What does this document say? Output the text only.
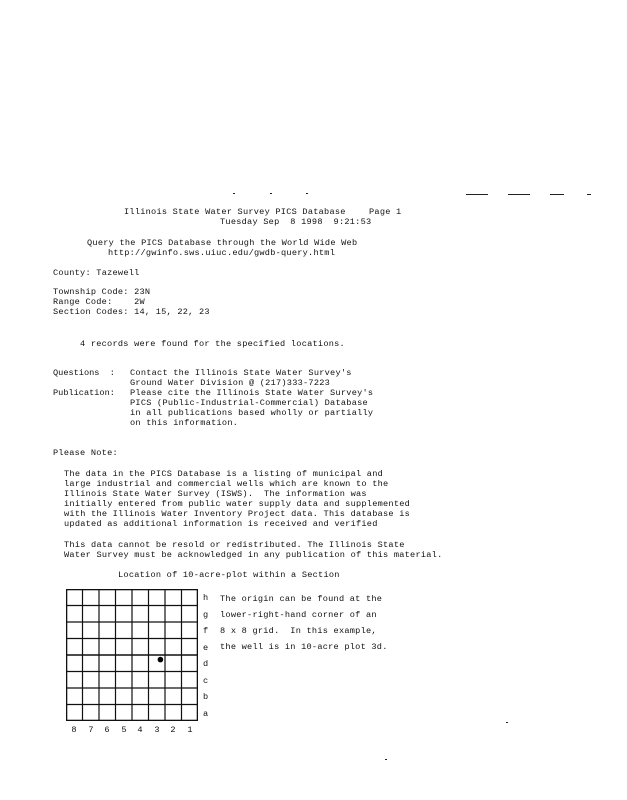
Illinois State Water Survey PICS Database	Page 1
Tuesday Sep  8 1998  9:21:53
Query the PICS Database through the World Wide Web
http://gwinfo.sws.uiuc.edu/gwdb-query.html
County: Tazewell
Township Code: 23N
Range Code:    2W
Section Codes: 14, 15, 22, 23
4 records were found for the specified locations.
Questions  : Contact the Illinois State Water Survey's
Ground Water Division @ (217)333-7223
Publication: Please cite the Illinois State Water Survey's
PICS (Public-Industrial-Commercial) Database
in all publications based wholly or partially
on this information.
Please Note:
The data in the PICS Database is a listing of municipal and
large industrial and commercial wells which are known to the
Illinois State Water Survey (ISWS).  The information was
initially entered from public water supply data and supplemented
with the Illinois Water Inventory Project data. This database is
updated as additional information is received and verified
This data cannot be resold or redistributed. The Illinois State
Water Survey must be acknowledged in any publication of this material.
Location of 10-acre-plot within a Section
h
g
f
e
d
c
b
a
8 7 6 5 4 3 2 1
The origin can be found at the
lower-right-hand corner of an
8 x 8 grid.  In this example,
the well is in 10-acre plot 3d.
